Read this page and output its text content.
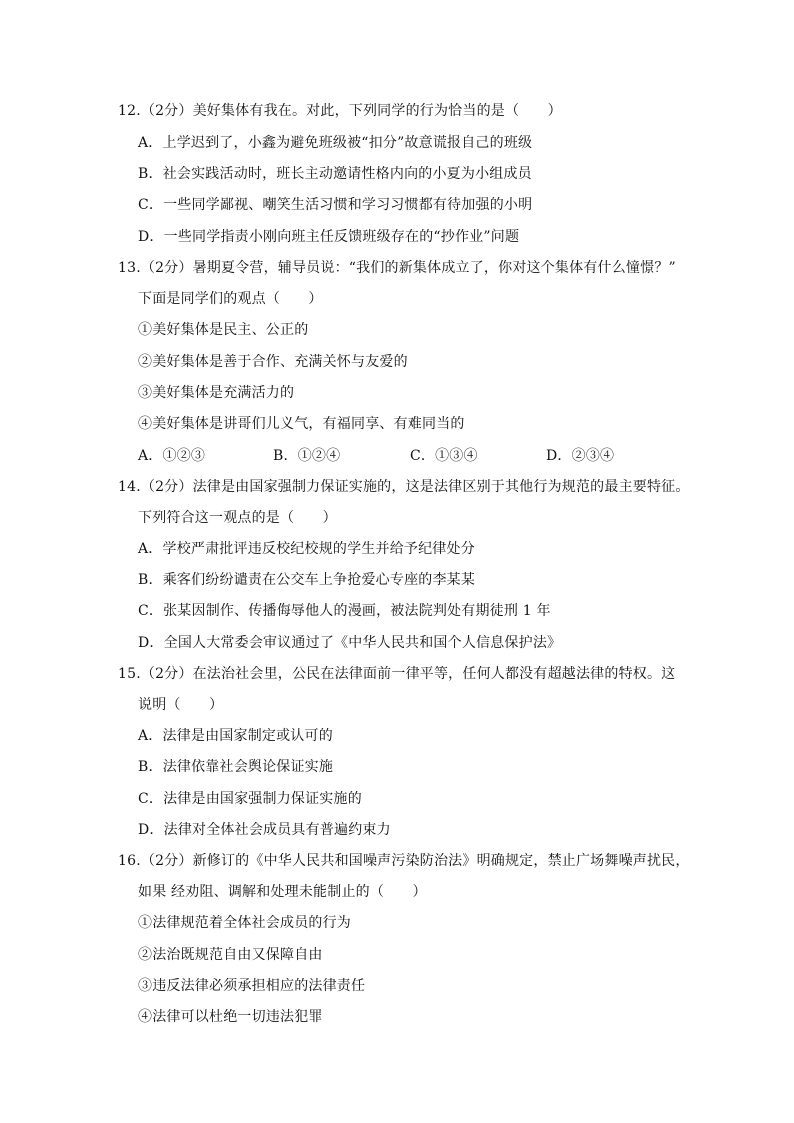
12.（2分）美好集体有我在。对此，下列同学的行为恰当的是（　　）
A．上学迟到了，小鑫为避免班级被“扣分”故意谎报自己的班级
B．社会实践活动时，班长主动邀请性格内向的小夏为小组成员
C．一些同学鄙视、嘲笑生活习惯和学习习惯都有待加强的小明
D．一些同学指责小刚向班主任反馈班级存在的“抄作业”问题
13.（2分）暑期夏令营，辅导员说：“我们的新集体成立了，你对这个集体有什么憧憬？”
下面是同学们的观点（　　）
①美好集体是民主、公正的
②美好集体是善于合作、充满关怀与友爱的
③美好集体是充满活力的
④美好集体是讲哥们儿义气，有福同享、有难同当的
A．①②③	B．①②④	C．①③④	D．②③④
14.（2分）法律是由国家强制力保证实施的，这是法律区别于其他行为规范的最主要特征。
下列符合这一观点的是（　　）
A．学校严肃批评违反校纪校规的学生并给予纪律处分
B．乘客们纷纷谴责在公交车上争抢爱心专座的李某某
C．张某因制作、传播侮辱他人的漫画，被法院判处有期徒刑 1 年
D．全国人大常委会审议通过了《中华人民共和国个人信息保护法》
15.（2分）在法治社会里，公民在法律面前一律平等，任何人都没有超越法律的特权。这
说明（　　）
A．法律是由国家制定或认可的
B．法律依靠社会舆论保证实施
C．法律是由国家强制力保证实施的
D．法律对全体社会成员具有普遍约束力
16.（2分）新修订的《中华人民共和国噪声污染防治法》明确规定，禁止广场舞噪声扰民，
如果 经劝阻、调解和处理未能制止的（　　）
①法律规范着全体社会成员的行为
②法治既规范自由又保障自由
③违反法律必须承担相应的法律责任
④法律可以杜绝一切违法犯罪
